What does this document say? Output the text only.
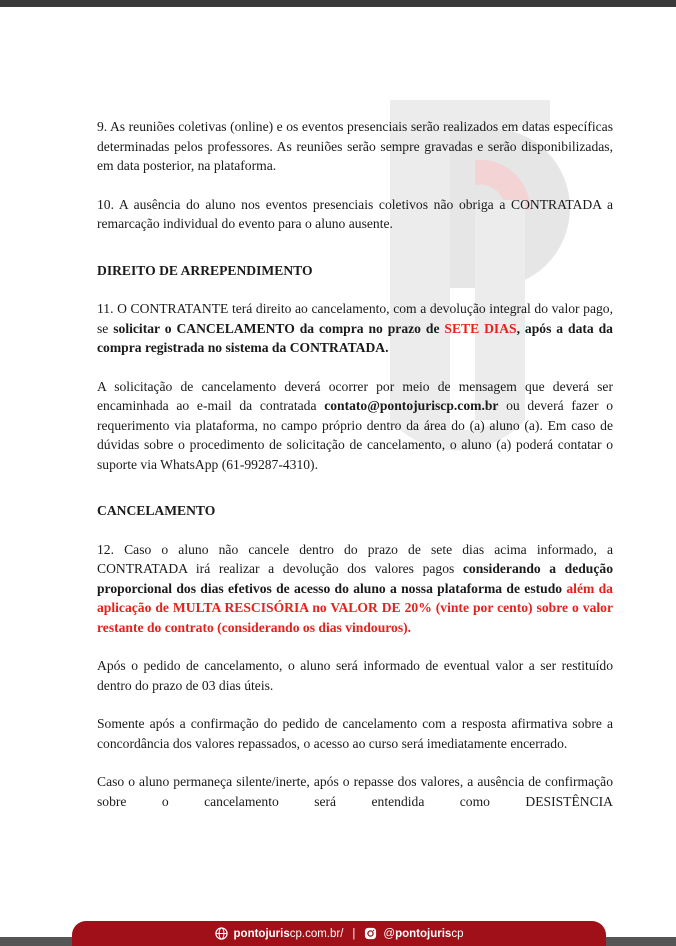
9. As reuniões coletivas (online) e os eventos presenciais serão realizados em datas específicas determinadas pelos professores. As reuniões serão sempre gravadas e serão disponibilizadas, em data posterior, na plataforma.

10. A ausência do aluno nos eventos presenciais coletivos não obriga a CONTRATADA a remarcação individual do evento para o aluno ausente.

DIREITO DE ARREPENDIMENTO

11. O CONTRATANTE terá direito ao cancelamento, com a devolução integral do valor pago, se solicitar o CANCELAMENTO da compra no prazo de SETE DIAS, após a data da compra registrada no sistema da CONTRATADA.

A solicitação de cancelamento deverá ocorrer por meio de mensagem que deverá ser encaminhada ao e-mail da contratada contato@pontojuriscp.com.br ou deverá fazer o requerimento via plataforma, no campo próprio dentro da área do (a) aluno (a). Em caso de dúvidas sobre o procedimento de solicitação de cancelamento, o aluno (a) poderá contatar o suporte via WhatsApp (61-99287-4310).

CANCELAMENTO

12. Caso o aluno não cancele dentro do prazo de sete dias acima informado, a CONTRATADA irá realizar a devolução dos valores pagos considerando a dedução proporcional dos dias efetivos de acesso do aluno a nossa plataforma de estudo além da aplicação de MULTA RESCISÓRIA no VALOR DE 20% (vinte por cento) sobre o valor restante do contrato (considerando os dias vindouros).

Após o pedido de cancelamento, o aluno será informado de eventual valor a ser restituído dentro do prazo de 03 dias úteis.

Somente após a confirmação do pedido de cancelamento com a resposta afirmativa sobre a concordância dos valores repassados, o acesso ao curso será imediatamente encerrado.

Caso o aluno permaneça silente/inerte, após o repasse dos valores, a ausência de confirmação sobre o cancelamento será entendida como DESISTÊNCIA

pontojuriscp.com.br/ | @pontojuriscp
